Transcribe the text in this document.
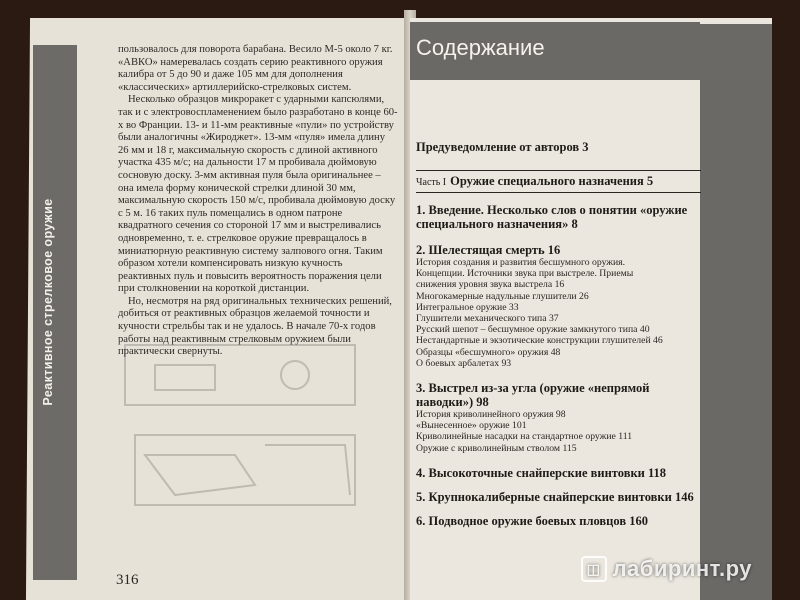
Реактивное стрелковое оружие

пользовалось для поворота барабана. Весило М-5 около 7 кг. «АВКО» намеревалась создать серию реактивного оружия калибра от 5 до 90 и даже 105 мм для дополнения «классических» артиллерийско-стрелковых систем.

Несколько образцов микроракет с ударными капсюлями, так и с электровоспламенением было разработано в конце 60-х во Франции. 13- и 11-мм реактивные «пули» по устройству были аналогичны «Жироджет». 13-мм «пуля» имела длину 26 мм и 18 г, максимальную скорость с длиной активного участка 435 м/с; на дальности 17 м пробивала дюймовую сосновую доску. 3-мм активная пуля была оригинальнее – она имела форму конической стрелки длиной 30 мм, максимальную скорость 150 м/с, пробивала дюймовую доску с 5 м. 16 таких пуль помещались в одном патроне квадратного сечения со стороной 17 мм и выстреливались одновременно, т. е. стрелковое оружие превращалось в миниатюрную реактивную систему залпового огня. Таким образом хотели компенсировать низкую кучность реактивных пуль и повысить вероятность поражения цели при столкновении на короткой дистанции.

Но, несмотря на ряд оригинальных технических решений, добиться от реактивных образцов желаемой точности и кучности стрельбы так и не удалось. В начале 70-х годов работы над реактивным стрелковым оружием были практически свернуты.

316
Содержание

Предуведомление от авторов 3

Часть I Оружие специального назначения 5

1. Введение. Несколько слов о понятии «оружие специального назначения» 8

2. Шелестящая смерть 16

История создания и развития бесшумного оружия.

Концепции. Источники звука при выстреле. Приемы

снижения уровня звука выстрела 16

Многокамерные надульные глушители 26

Интегральное оружие 33

Глушители механического типа 37

Русский шепот – бесшумное оружие замкнутого типа 40

Нестандартные и экзотические конструкции глушителей 46

Образцы «бесшумного» оружия 48

О боевых арбалетах 93

3. Выстрел из-за угла (оружие «непрямой наводки») 98

История криволинейного оружия 98

«Вынесенное» оружие 101

Криволинейные насадки на стандартное оружие 111

Оружие с криволинейным стволом 115

4. Высокоточные снайперские винтовки 118

5. Крупнокалиберные снайперские винтовки 146

6. Подводное оружие боевых пловцов 160

◫ лабиринт.ру
